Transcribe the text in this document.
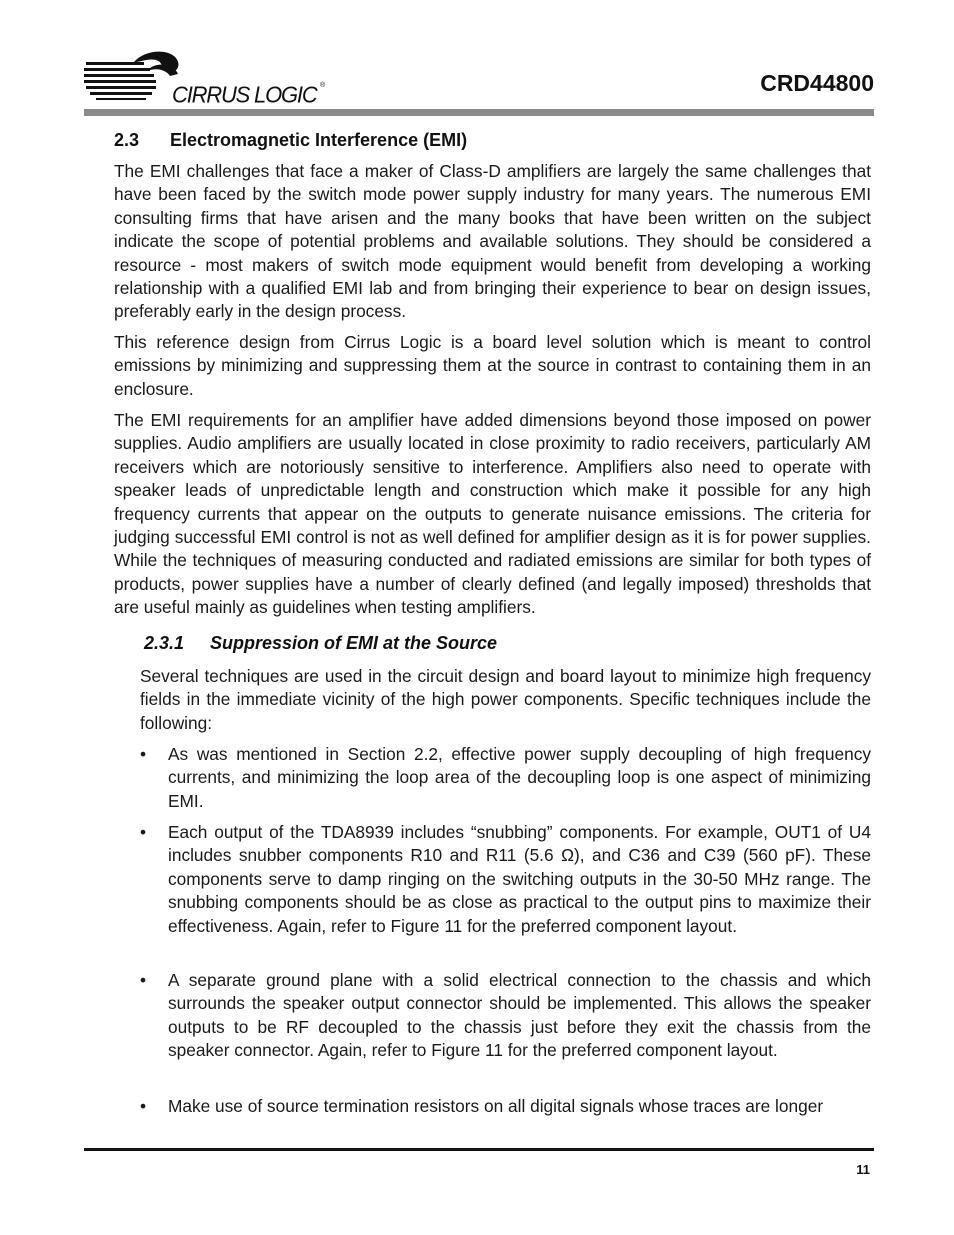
CIRRUS LOGIC ®	CRD44800
2.3 Electromagnetic Interference (EMI)
The EMI challenges that face a maker of Class-D amplifiers are largely the same challenges that have been faced by the switch mode power supply industry for many years. The numerous EMI consulting firms that have arisen and the many books that have been written on the subject indicate the scope of potential problems and available solutions. They should be considered a resource - most makers of switch mode equipment would benefit from developing a working relationship with a qualified EMI lab and from bringing their experience to bear on design issues, preferably early in the design process.
This reference design from Cirrus Logic is a board level solution which is meant to control emissions by minimizing and suppressing them at the source in contrast to containing them in an enclosure.
The EMI requirements for an amplifier have added dimensions beyond those imposed on power supplies. Audio amplifiers are usually located in close proximity to radio receivers, particularly AM receivers which are notoriously sensitive to interference. Amplifiers also need to operate with speaker leads of unpredictable length and construction which make it possible for any high frequency currents that appear on the outputs to generate nuisance emissions. The criteria for judging successful EMI control is not as well defined for amplifier design as it is for power supplies. While the techniques of measuring conducted and radiated emissions are similar for both types of products, power supplies have a number of clearly defined (and legally imposed) thresholds that are useful mainly as guidelines when testing amplifiers.
2.3.1 Suppression of EMI at the Source
Several techniques are used in the circuit design and board layout to minimize high frequency fields in the immediate vicinity of the high power components. Specific techniques include the following:
•	As was mentioned in Section 2.2, effective power supply decoupling of high frequency currents, and minimizing the loop area of the decoupling loop is one aspect of minimizing EMI.
•	Each output of the TDA8939 includes “snubbing” components. For example, OUT1 of U4 includes snubber components R10 and R11 (5.6 Ω), and C36 and C39 (560 pF). These components serve to damp ringing on the switching outputs in the 30-50 MHz range. The snubbing components should be as close as practical to the output pins to maximize their effectiveness. Again, refer to Figure 11 for the preferred component layout.
•	A separate ground plane with a solid electrical connection to the chassis and which surrounds the speaker output connector should be implemented. This allows the speaker outputs to be RF decoupled to the chassis just before they exit the chassis from the speaker connector. Again, refer to Figure 11 for the preferred component layout.
•	Make use of source termination resistors on all digital signals whose traces are longer
11
